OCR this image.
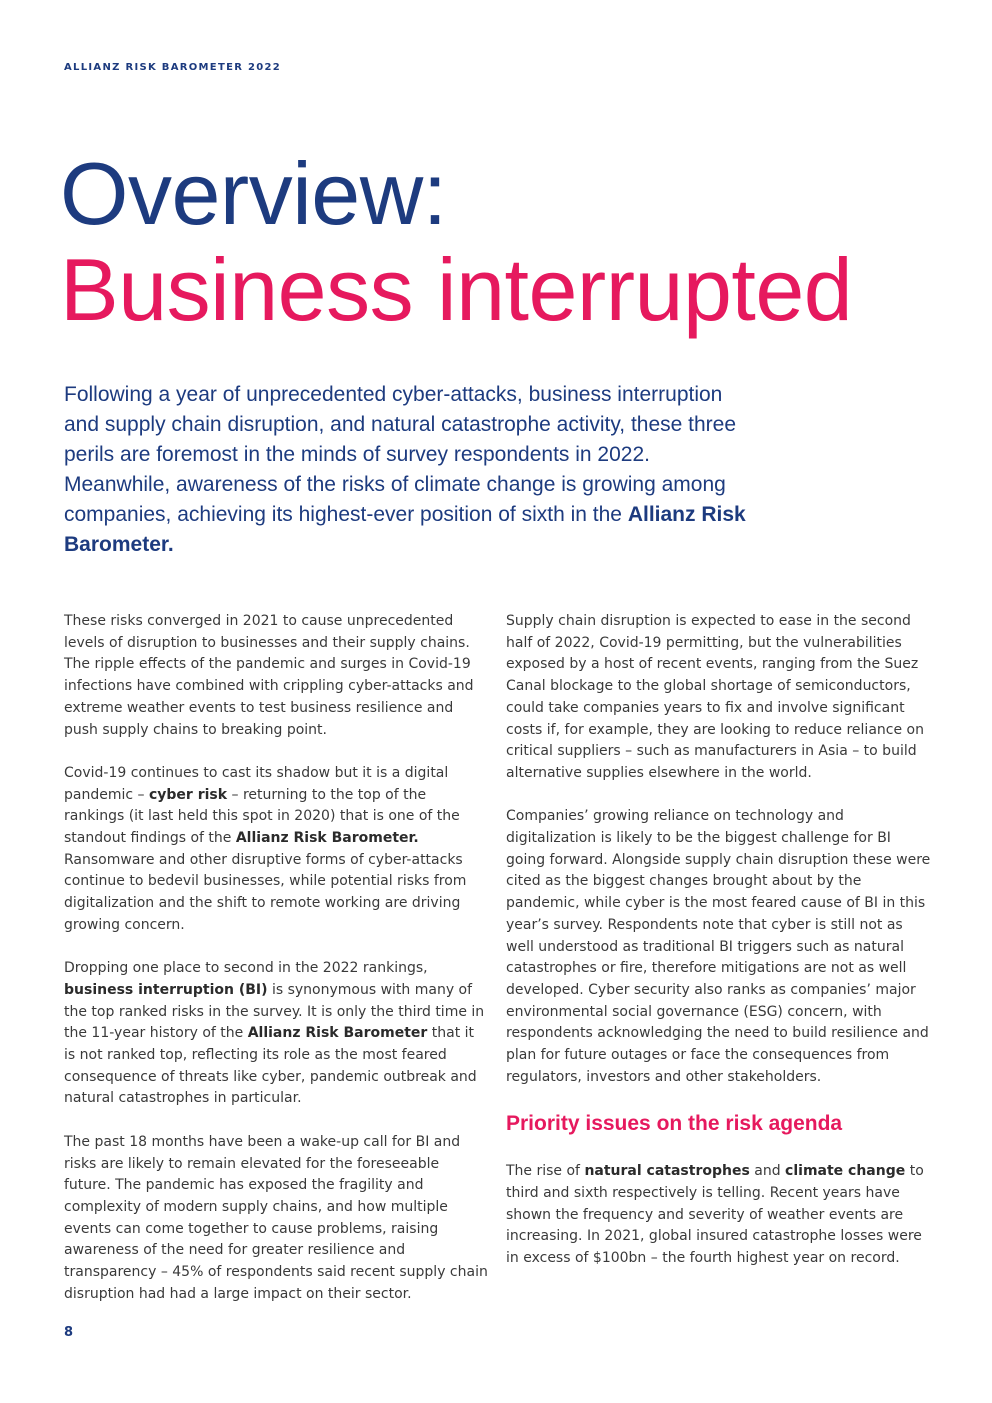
ALLIANZ RISK BAROMETER 2022
Overview:
Business interrupted

Following a year of unprecedented cyber-attacks, business interruption and supply chain disruption, and natural catastrophe activity, these three perils are foremost in the minds of survey respondents in 2022. Meanwhile, awareness of the risks of climate change is growing among companies, achieving its highest-ever position of sixth in the Allianz Risk Barometer.

These risks converged in 2021 to cause unprecedented levels of disruption to businesses and their supply chains. The ripple effects of the pandemic and surges in Covid-19 infections have combined with crippling cyber-attacks and extreme weather events to test business resilience and push supply chains to breaking point.

Covid-19 continues to cast its shadow but it is a digital pandemic – cyber risk – returning to the top of the rankings (it last held this spot in 2020) that is one of the standout findings of the Allianz Risk Barometer. Ransomware and other disruptive forms of cyber-attacks continue to bedevil businesses, while potential risks from digitalization and the shift to remote working are driving growing concern.

Dropping one place to second in the 2022 rankings, business interruption (BI) is synonymous with many of the top ranked risks in the survey. It is only the third time in the 11-year history of the Allianz Risk Barometer that it is not ranked top, reflecting its role as the most feared consequence of threats like cyber, pandemic outbreak and natural catastrophes in particular.

The past 18 months have been a wake-up call for BI and risks are likely to remain elevated for the foreseeable future. The pandemic has exposed the fragility and complexity of modern supply chains, and how multiple events can come together to cause problems, raising awareness of the need for greater resilience and transparency – 45% of respondents said recent supply chain disruption had had a large impact on their sector.

Supply chain disruption is expected to ease in the second half of 2022, Covid-19 permitting, but the vulnerabilities exposed by a host of recent events, ranging from the Suez Canal blockage to the global shortage of semiconductors, could take companies years to fix and involve significant costs if, for example, they are looking to reduce reliance on critical suppliers – such as manufacturers in Asia – to build alternative supplies elsewhere in the world.

Companies’ growing reliance on technology and digitalization is likely to be the biggest challenge for BI going forward. Alongside supply chain disruption these were cited as the biggest changes brought about by the pandemic, while cyber is the most feared cause of BI in this year’s survey. Respondents note that cyber is still not as well understood as traditional BI triggers such as natural catastrophes or fire, therefore mitigations are not as well developed. Cyber security also ranks as companies’ major environmental social governance (ESG) concern, with respondents acknowledging the need to build resilience and plan for future outages or face the consequences from regulators, investors and other stakeholders.

Priority issues on the risk agenda

The rise of natural catastrophes and climate change to third and sixth respectively is telling. Recent years have shown the frequency and severity of weather events are increasing. In 2021, global insured catastrophe losses were in excess of $100bn – the fourth highest year on record.

8
